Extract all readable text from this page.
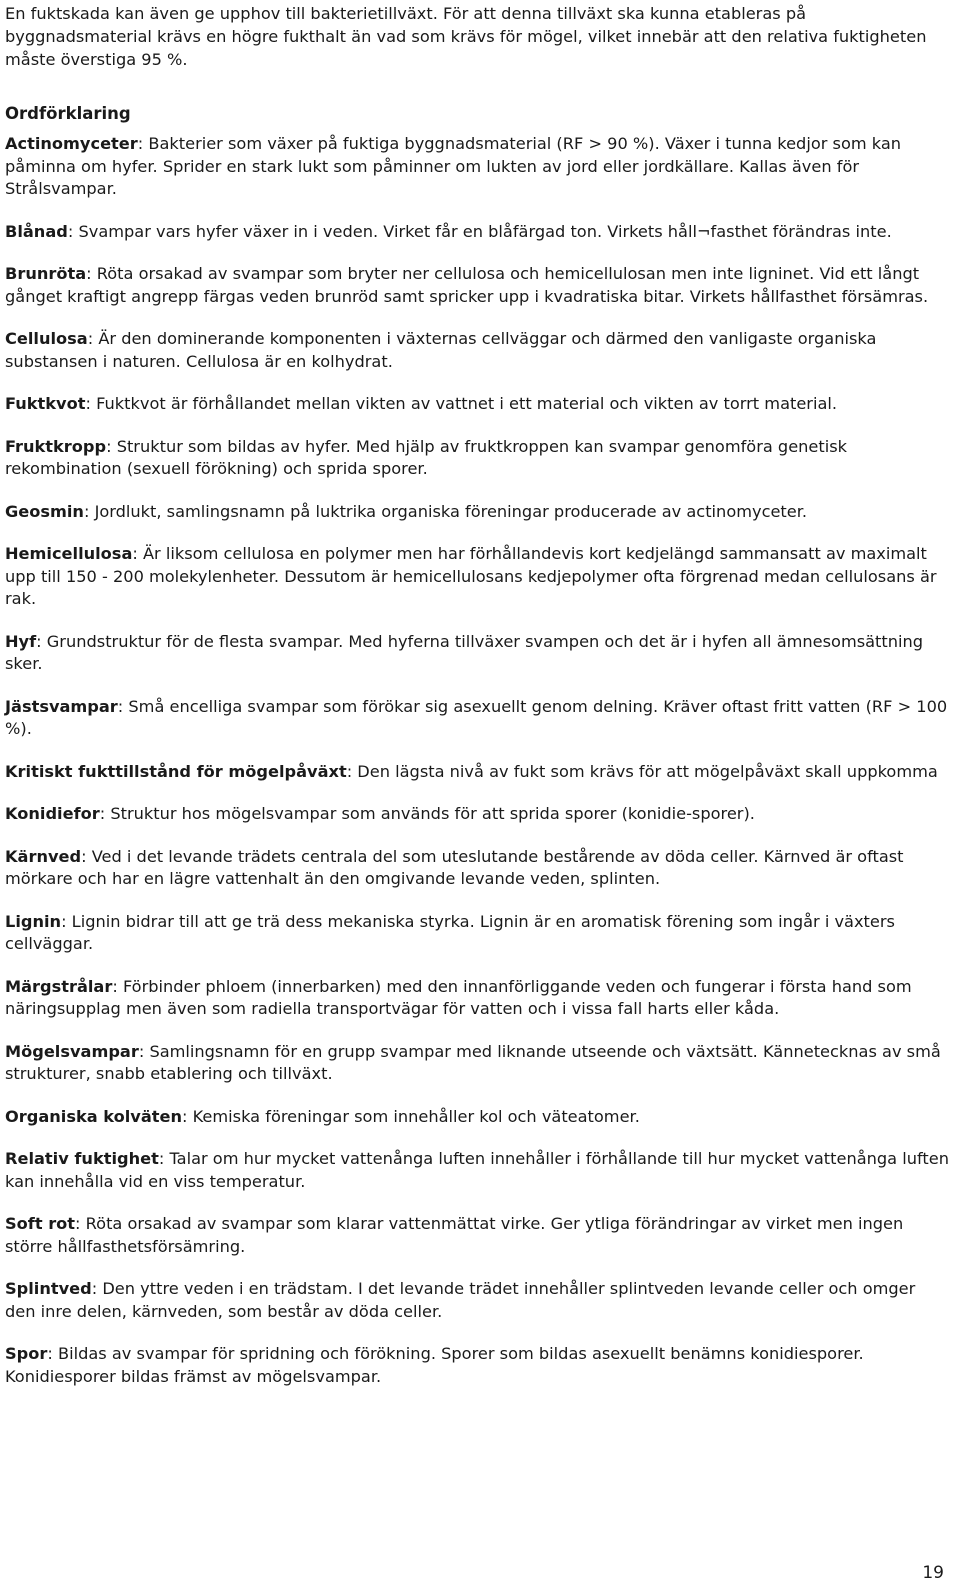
En fuktskada kan även ge upphov till bakterietillväxt. För att denna tillväxt ska kunna etableras på byggnadsmaterial krävs en högre fukthalt än vad som krävs för mögel, vilket innebär att den relativa fuktigheten måste överstiga 95 %.

Ordförklaring

Actinomyceter: Bakterier som växer på fuktiga byggnadsmaterial (RF > 90 %). Växer i tunna kedjor som kan påminna om hyfer. Sprider en stark lukt som påminner om lukten av jord eller jordkällare. Kallas även för Strålsvampar.

Blånad: Svampar vars hyfer växer in i veden. Virket får en blåfärgad ton. Virkets håll¬fasthet förändras inte.

Brunröta: Röta orsakad av svampar som bryter ner cellulosa och hemicellulosan men inte ligninet. Vid ett långt gånget kraftigt angrepp färgas veden brunröd samt spricker upp i kvadratiska bitar. Virkets hållfasthet försämras.

Cellulosa: Är den dominerande komponenten i växternas cellväggar och därmed den vanligaste organiska substansen i naturen. Cellulosa är en kolhydrat.

Fuktkvot: Fuktkvot är förhållandet mellan vikten av vattnet i ett material och vikten av torrt material.

Fruktkropp: Struktur som bildas av hyfer. Med hjälp av fruktkroppen kan svampar genomföra genetisk rekombination (sexuell förökning) och sprida sporer.

Geosmin: Jordlukt, samlingsnamn på luktrika organiska föreningar producerade av actinomyceter.

Hemicellulosa: Är liksom cellulosa en polymer men har förhållandevis kort kedjelängd sammansatt av maximalt upp till 150 - 200 molekylenheter. Dessutom är hemicellulosans kedjepolymer ofta förgrenad medan cellulosans är rak.

Hyf: Grundstruktur för de flesta svampar. Med hyferna tillväxer svampen och det är i hyfen all ämnesomsättning sker.

Jästsvampar: Små encelliga svampar som förökar sig asexuellt genom delning. Kräver oftast fritt vatten (RF > 100 %).

Kritiskt fukttillstånd för mögelpåväxt: Den lägsta nivå av fukt som krävs för att mögelpåväxt skall uppkomma

Konidiefor: Struktur hos mögelsvampar som används för att sprida sporer (konidie-sporer).

Kärnved: Ved i det levande trädets centrala del som uteslutande bestårende av döda celler. Kärnved är oftast mörkare och har en lägre vattenhalt än den omgivande levande veden, splinten.

Lignin: Lignin bidrar till att ge trä dess mekaniska styrka. Lignin är en aromatisk förening som ingår i växters cellväggar.

Märgstrålar: Förbinder phloem (innerbarken) med den innanförliggande veden och fungerar i första hand som näringsupplag men även som radiella transportvägar för vatten och i vissa fall harts eller kåda.

Mögelsvampar: Samlingsnamn för en grupp svampar med liknande utseende och växtsätt. Kännetecknas av små strukturer, snabb etablering och tillväxt.

Organiska kolväten: Kemiska föreningar som innehåller kol och väteatomer.

Relativ fuktighet: Talar om hur mycket vattenånga luften innehåller i förhållande till hur mycket vattenånga luften kan innehålla vid en viss temperatur.

Soft rot: Röta orsakad av svampar som klarar vattenmättat virke. Ger ytliga förändringar av virket men ingen större hållfasthetsförsämring.

Splintved: Den yttre veden i en trädstam. I det levande trädet innehåller splintveden levande celler och omger den inre delen, kärnveden, som består av döda celler.

Spor: Bildas av svampar för spridning och förökning. Sporer som bildas asexuellt benämns konidiesporer. Konidiesporer bildas främst av mögelsvampar.

19
